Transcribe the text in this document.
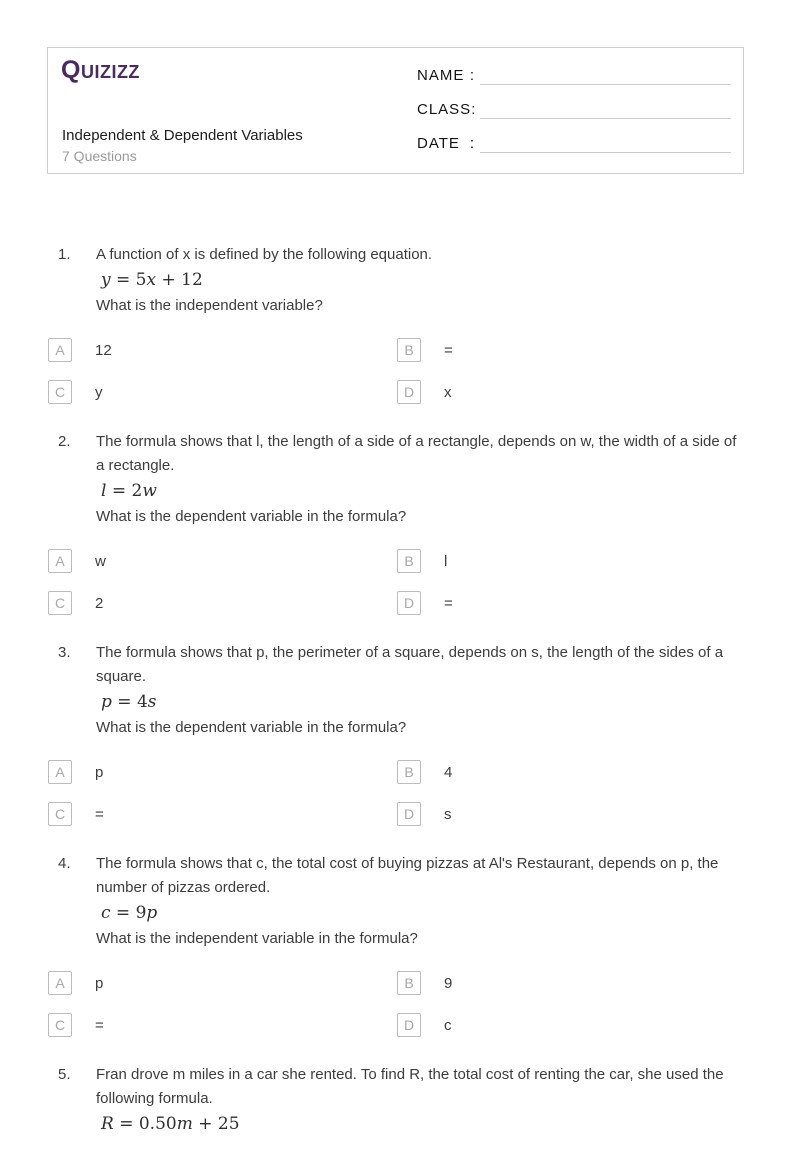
Quizizz
Independent & Dependent Variables

7 Questions

NAME :
CLASS :
DATE :
1.	A function of x is defined by the following equation.

y = 5x + 12

What is the independent variable?

A	12	B	=
C	y	D	x
2.	The formula shows that l, the length of a side of a rectangle, depends on w, the width of a side of a rectangle.

l = 2w

What is the dependent variable in the formula?

A	w	B	l
C	2	D	=
3.	The formula shows that p, the perimeter of a square, depends on s, the length of the sides of a square.

p = 4s

What is the dependent variable in the formula?

A	p	B	4
C	=	D	s
4.	The formula shows that c, the total cost of buying pizzas at Al's Restaurant, depends on p, the number of pizzas ordered.

c = 9p

What is the independent variable in the formula?

A	p	B	9
C	=	D	c
5.	Fran drove m miles in a car she rented. To find R, the total cost of renting the car, she used the following formula.

R = 0.50m + 25
